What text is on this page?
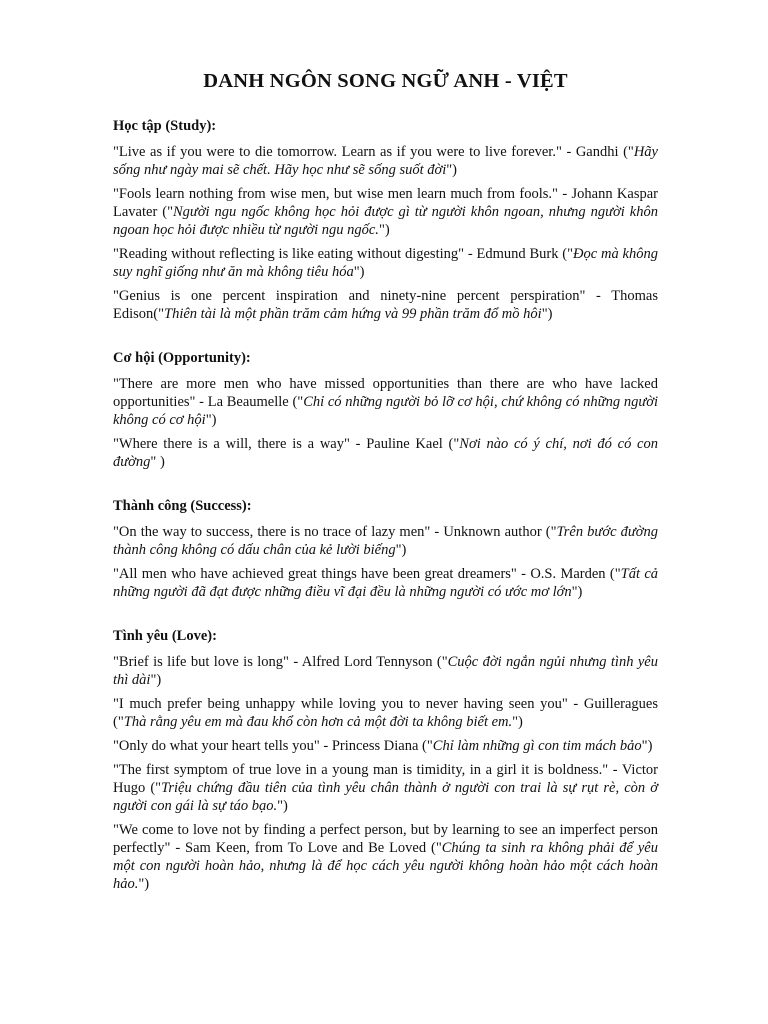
DANH NGÔN SONG NGỮ ANH - VIỆT
Học tập (Study):

"Live as if you were to die tomorrow. Learn as if you were to live forever." - Gandhi ("Hãy sống như ngày mai sẽ chết. Hãy học như sẽ sống suốt đời")

"Fools learn nothing from wise men, but wise men learn much from fools." - Johann Kaspar Lavater ("Người ngu ngốc không học hỏi được gì từ người khôn ngoan, nhưng người khôn ngoan học hỏi được nhiều từ người ngu ngốc.")

"Reading without reflecting is like eating without digesting" - Edmund Burk ("Đọc mà không suy nghĩ giống như ăn mà không tiêu hóa")

"Genius is one percent inspiration and ninety-nine percent perspiration" - Thomas Edison("Thiên tài là một phần trăm cảm hứng và 99 phần trăm đổ mồ hôi")

Cơ hội (Opportunity):

"There are more men who have missed opportunities than there are who have lacked opportunities" - La Beaumelle ("Chỉ có những người bỏ lỡ cơ hội, chứ không có những người không có cơ hội")

"Where there is a will, there is a way" - Pauline Kael ("Nơi nào có ý chí, nơi đó có con đường" )

Thành công (Success):

"On the way to success, there is no trace of lazy men" - Unknown author ("Trên bước đường thành công không có dấu chân của kẻ lười biếng")

"All men who have achieved great things have been great dreamers" - O.S. Marden ("Tất cả những người đã đạt được những điều vĩ đại đều là những người có ước mơ lớn")

Tình yêu (Love):

"Brief is life but love is long" - Alfred Lord Tennyson ("Cuộc đời ngắn ngủi nhưng tình yêu thì dài")

"I much prefer being unhappy while loving you to never having seen you" - Guilleragues ("Thà rằng yêu em mà đau khổ còn hơn cả một đời ta không biết em.")

"Only do what your heart tells you" - Princess Diana ("Chỉ làm những gì con tim mách bảo")

"The first symptom of true love in a young man is timidity, in a girl it is boldness." - Victor Hugo ("Triệu chứng đầu tiên của tình yêu chân thành ở người con trai là sự rụt rè, còn ở người con gái là sự táo bạo.")

"We come to love not by finding a perfect person, but by learning to see an imperfect person perfectly" - Sam Keen, from To Love and Be Loved ("Chúng ta sinh ra không phải để yêu một con người hoàn hảo, nhưng là để học cách yêu người không hoàn hảo một cách hoàn hảo.")
